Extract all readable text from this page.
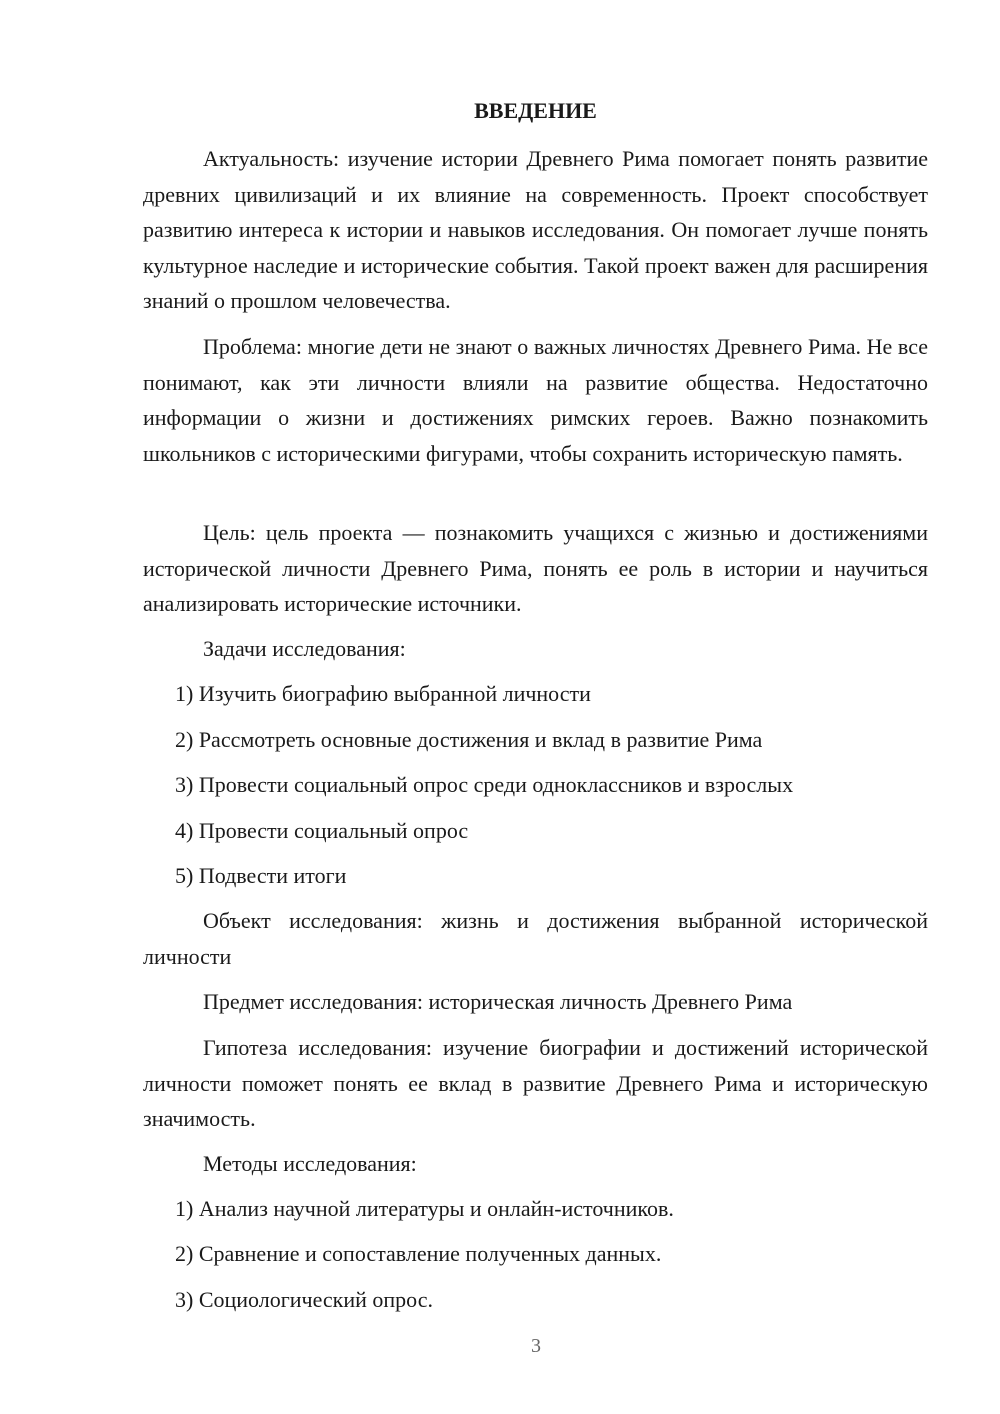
ВВЕДЕНИЕ

Актуальность: изучение истории Древнего Рима помогает понять развитие древних цивилизаций и их влияние на современность. Проект способствует развитию интереса к истории и навыков исследования. Он помогает лучше понять культурное наследие и исторические события. Такой проект важен для расширения знаний о прошлом человечества.

Проблема: многие дети не знают о важных личностях Древнего Рима. Не все понимают, как эти личности влияли на развитие общества. Недостаточно информации о жизни и достижениях римских героев. Важно познакомить школьников с историческими фигурами, чтобы сохранить историческую память.

Цель: цель проекта — познакомить учащихся с жизнью и достижениями исторической личности Древнего Рима, понять ее роль в истории и научиться анализировать исторические источники.

Задачи исследования:

1) Изучить биографию выбранной личности

2) Рассмотреть основные достижения и вклад в развитие Рима

3) Провести социальный опрос среди одноклассников и взрослых

4) Провести социальный опрос

5) Подвести итоги

Объект исследования: жизнь и достижения выбранной исторической личности

Предмет исследования: историческая личность Древнего Рима

Гипотеза исследования: изучение биографии и достижений исторической личности поможет понять ее вклад в развитие Древнего Рима и историческую значимость.

Методы исследования:

1) Анализ научной литературы и онлайн-источников.

2) Сравнение и сопоставление полученных данных.

3) Социологический опрос.

3
